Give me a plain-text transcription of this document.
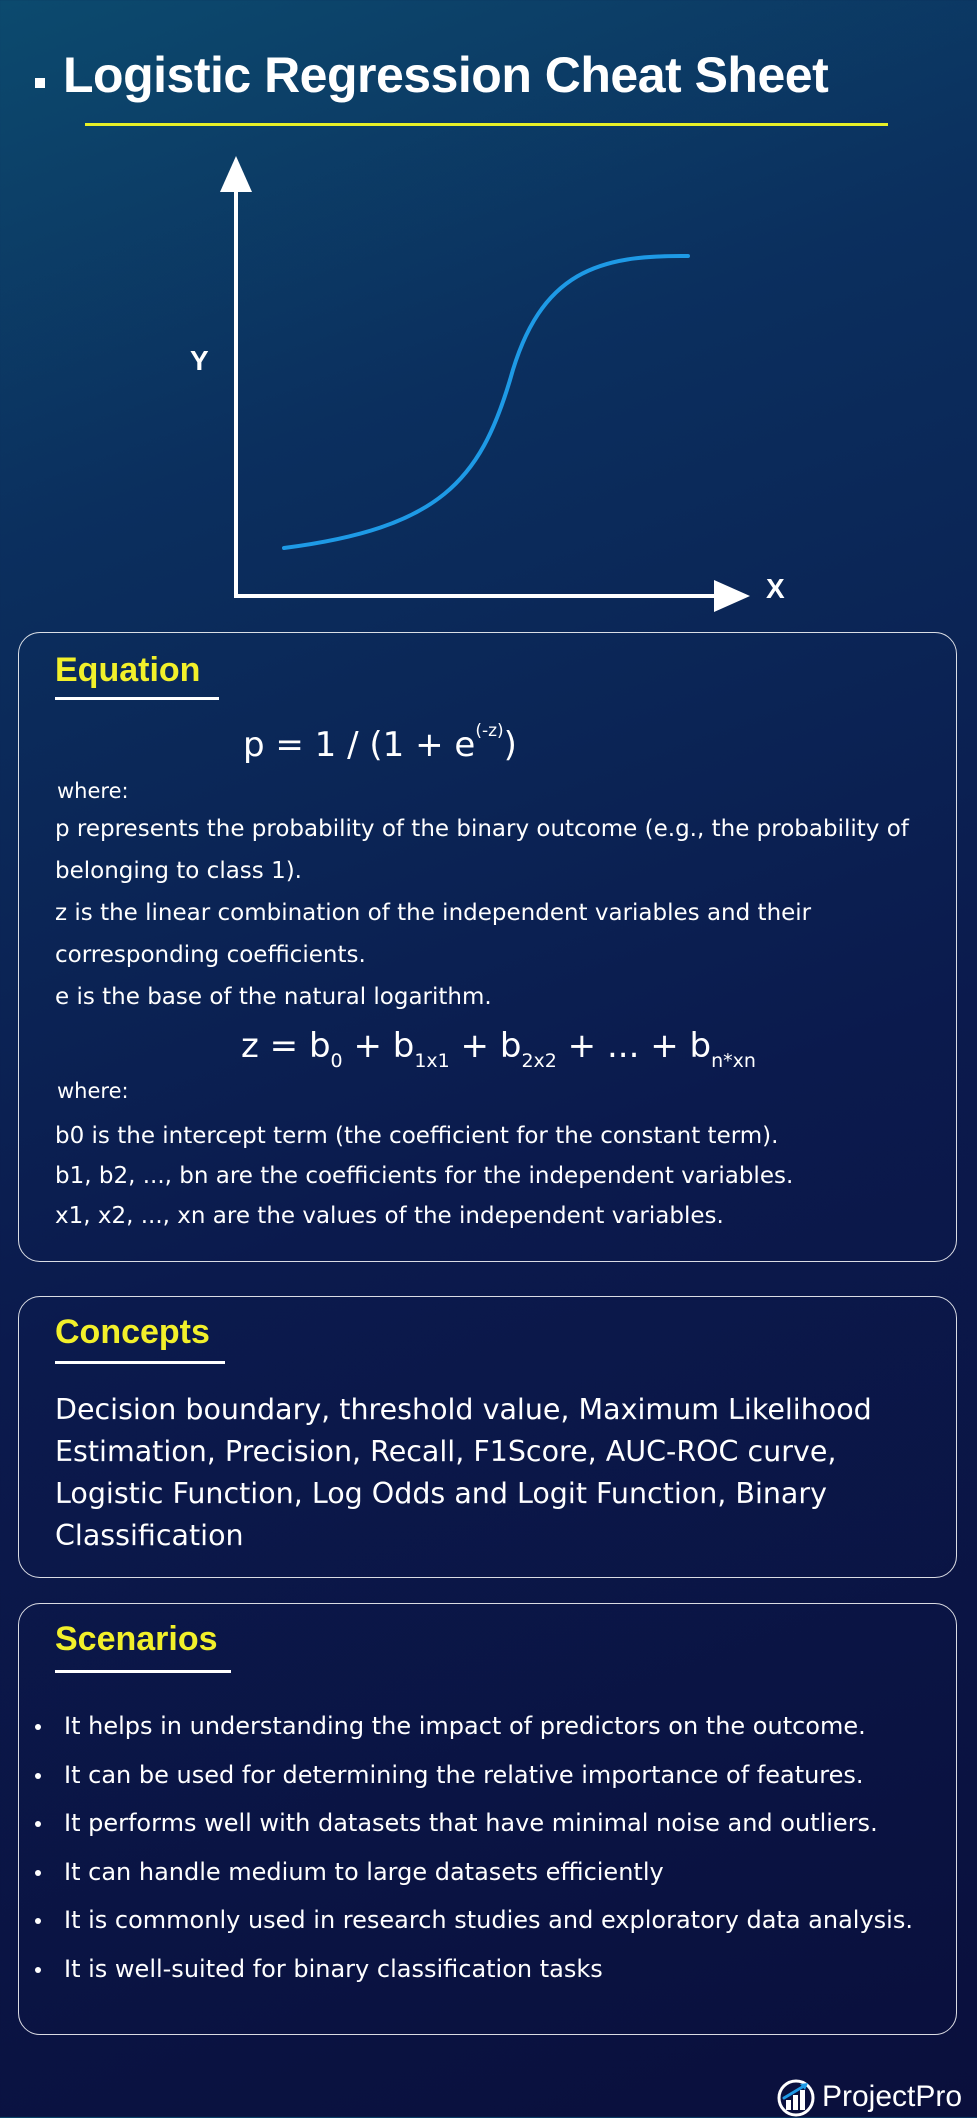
Logistic Regression Cheat Sheet
Y
X
Equation
$p = 1 / (1 + e^{(-z)})$
where:

p represents the probability of the binary outcome (e.g., the probability of belonging to class 1).

z is the linear combination of the independent variables and their corresponding coefficients.

e is the base of the natural logarithm.

$z = b_0 + b_{1x1} + b_{2x2}$ + ... + $b_{n*xn}$
where:

b0 is the intercept term (the coefficient for the constant term).

b1, b2, ..., bn are the coefficients for the independent variables.

x1, x2, ..., xn are the values of the independent variables.

Concepts
Decision boundary, threshold value, Maximum Likelihood Estimation, Precision, Recall, F1Score, AUC-ROC curve, Logistic Function, Log Odds and Logit Function, Binary Classification
Scenarios
It helps in understanding the impact of predictors on the outcome.
It can be used for determining the relative importance of features.
It performs well with datasets that have minimal noise and outliers.
It can handle medium to large datasets efficiently
It is commonly used in research studies and exploratory data analysis.
It is well-suited for binary classification tasks
ProjectPro
